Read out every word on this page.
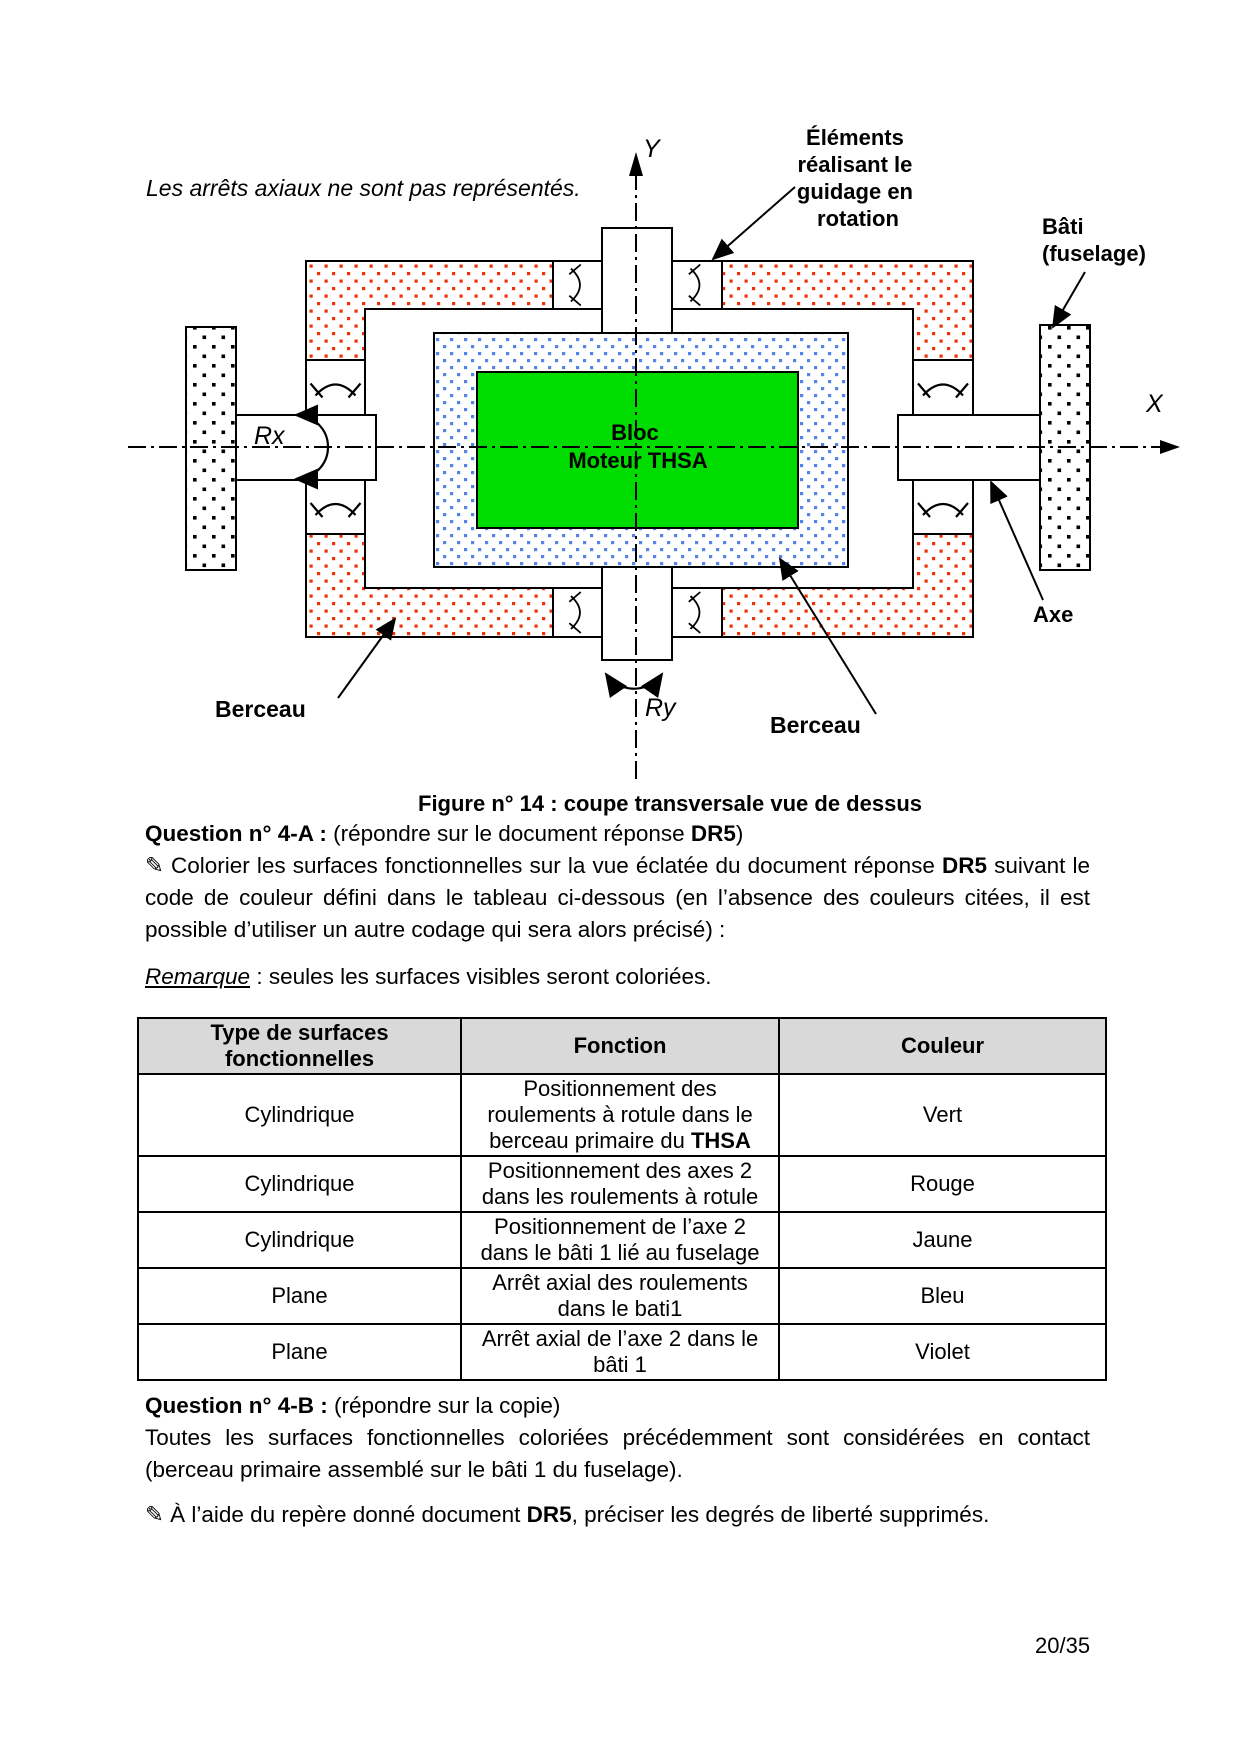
Les arrêts axiaux ne sont pas représentés.
Y
X
Rx
Ry
Bloc Moteur THSA
Éléments réalisant le guidage en rotation	Bâti (fuselage)
Axe
Berceau
Berceau
Figure n° 14 : coupe transversale vue de dessus

Question n° 4-A : (répondre sur le document réponse DR5)

✎ Colorier les surfaces fonctionnelles sur la vue éclatée du document réponse DR5 suivant le code de couleur défini dans le tableau ci-dessous (en l’absence des couleurs citées, il est possible d’utiliser un autre codage qui sera alors précisé) :

Remarque : seules les surfaces visibles seront coloriées.
Type de surfaces fonctionnelles	Fonction	Couleur
Cylindrique	Positionnement des roulements à rotule dans le berceau primaire du THSA	Vert
Cylindrique	Positionnement des axes 2 dans les roulements à rotule	Rouge
Cylindrique	Positionnement de l’axe 2 dans le bâti 1 lié au fuselage	Jaune
Plane	Arrêt axial des roulements dans le bati1	Bleu
Plane	Arrêt axial de l’axe 2 dans le bâti 1	Violet

Question n° 4-B : (répondre sur la copie)

Toutes les surfaces fonctionnelles coloriées précédemment sont considérées en contact (berceau primaire assemblé sur le bâti 1 du fuselage).

✎ À l’aide du repère donné document DR5, préciser les degrés de liberté supprimés.
20/35
